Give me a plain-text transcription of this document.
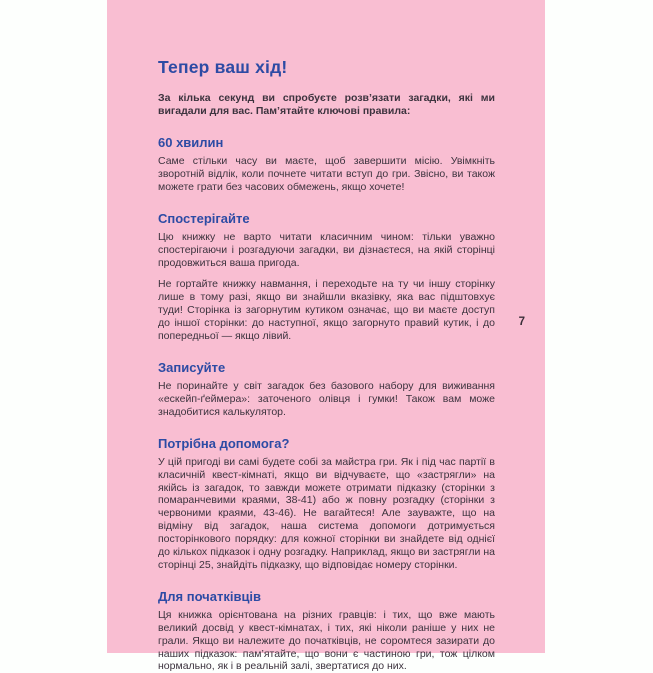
Тепер ваш хід!

За кілька секунд ви спробуєте розв’язати загадки, які ми вигадали для вас. Пам’ятайте ключові правила:

60 хвилин

Саме стільки часу ви маєте, щоб завершити місію. Увімкніть зворотній відлік, коли почнете читати вступ до гри. Звісно, ви також можете грати без часових обмежень, якщо хочете!

Спостерігайте

Цю книжку не варто читати класичним чином: тільки уважно спостерігаючи і розгадуючи загадки, ви дізнаєтеся, на якій сторінці продовжиться ваша пригода.

Не гортайте книжку навмання, і переходьте на ту чи іншу сторінку лише в тому разі, якщо ви знайшли вказівку, яка вас підштовхує туди! Сторінка із загорнутим кутиком означає, що ви маєте доступ до іншої сторінки: до наступної, якщо загорнуто правий кутик, і до попередньої — якщо лівий.

Записуйте

Не поринайте у світ загадок без базового набору для виживання «ескейп-ґеймера»: заточеного олівця і гумки! Також вам може знадобитися калькулятор.

Потрібна допомога?

У цій пригоді ви самі будете собі за майстра гри. Як і під час партії в класичній квест-кімнаті, якщо ви відчуваєте, що «застрягли» на якійсь із загадок, то завжди можете отримати підказку (сторінки з помаранчевими краями, 38-41) або ж повну розгадку (сторінки з червоними краями, 43-46). Не вагайтеся! Але зауважте, що на відміну від загадок, наша система допомоги дотримується посторінкового порядку: для кожної сторінки ви знайдете від однієї до кількох підказок і одну розгадку. Наприклад, якщо ви застрягли на сторінці 25, знайдіть підказку, що відповідає номеру сторінки.

Для початківців

Ця книжка орієнтована на різних гравців: і тих, що вже мають великий досвід у квест-кімнатах, і тих, які ніколи раніше у них не грали. Якщо ви належите до початківців, не соромтеся зазирати до наших підказок: пам’ятайте, що вони є частиною гри, тож цілком нормально, як і в реальній залі, звертатися до них.

7
